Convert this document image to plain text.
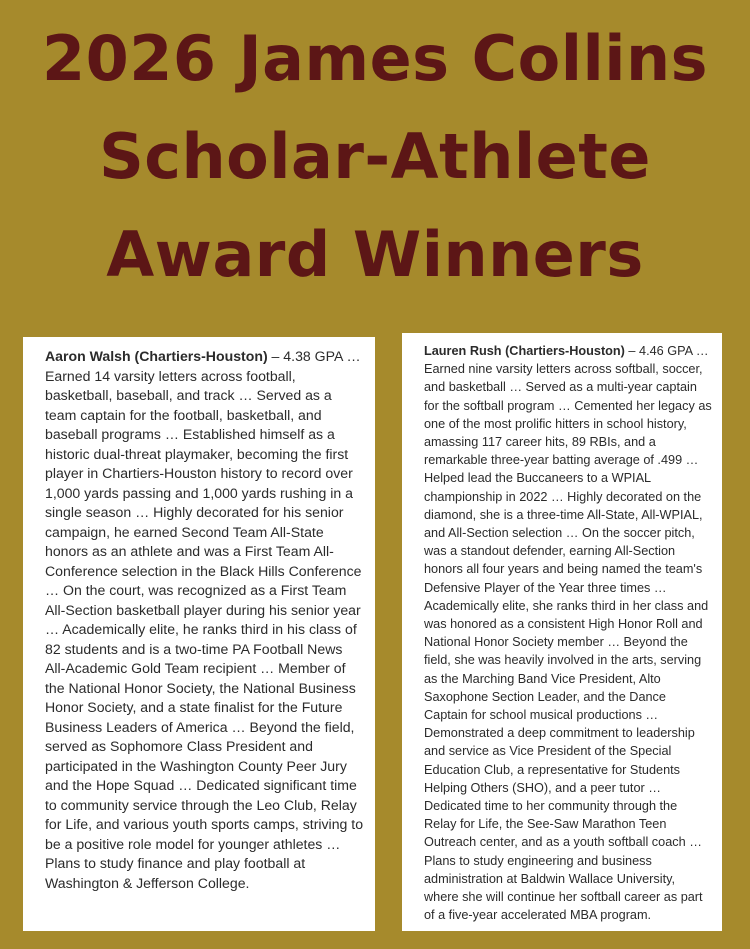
2026 James Collins
Scholar-Athlete
Award Winners
Aaron Walsh (Chartiers-Houston) – 4.38 GPA … Earned 14 varsity letters across football, basketball, baseball, and track … Served as a team captain for the football, basketball, and baseball programs … Established himself as a historic dual-threat playmaker, becoming the first player in Chartiers-Houston history to record over 1,000 yards passing and 1,000 yards rushing in a single season … Highly decorated for his senior campaign, he earned Second Team All-State honors as an athlete and was a First Team All-Conference selection in the Black Hills Conference … On the court, was recognized as a First Team All-Section basketball player during his senior year … Academically elite, he ranks third in his class of 82 students and is a two-time PA Football News All-Academic Gold Team recipient … Member of the National Honor Society, the National Business Honor Society, and a state finalist for the Future Business Leaders of America … Beyond the field, served as Sophomore Class President and participated in the Washington County Peer Jury and the Hope Squad … Dedicated significant time to community service through the Leo Club, Relay for Life, and various youth sports camps, striving to be a positive role model for younger athletes … Plans to study finance and play football at Washington & Jefferson College.
Lauren Rush (Chartiers-Houston) – 4.46 GPA … Earned nine varsity letters across softball, soccer, and basketball … Served as a multi-year captain for the softball program … Cemented her legacy as one of the most prolific hitters in school history, amassing 117 career hits, 89 RBIs, and a remarkable three-year batting average of .499 … Helped lead the Buccaneers to a WPIAL championship in 2022 … Highly decorated on the diamond, she is a three-time All-State, All-WPIAL, and All-Section selection … On the soccer pitch, was a standout defender, earning All-Section honors all four years and being named the team's Defensive Player of the Year three times … Academically elite, she ranks third in her class and was honored as a consistent High Honor Roll and National Honor Society member … Beyond the field, she was heavily involved in the arts, serving as the Marching Band Vice President, Alto Saxophone Section Leader, and the Dance Captain for school musical productions … Demonstrated a deep commitment to leadership and service as Vice President of the Special Education Club, a representative for Students Helping Others (SHO), and a peer tutor … Dedicated time to her community through the Relay for Life, the See-Saw Marathon Teen Outreach center, and as a youth softball coach … Plans to study engineering and business administration at Baldwin Wallace University, where she will continue her softball career as part of a five-year accelerated MBA program.
